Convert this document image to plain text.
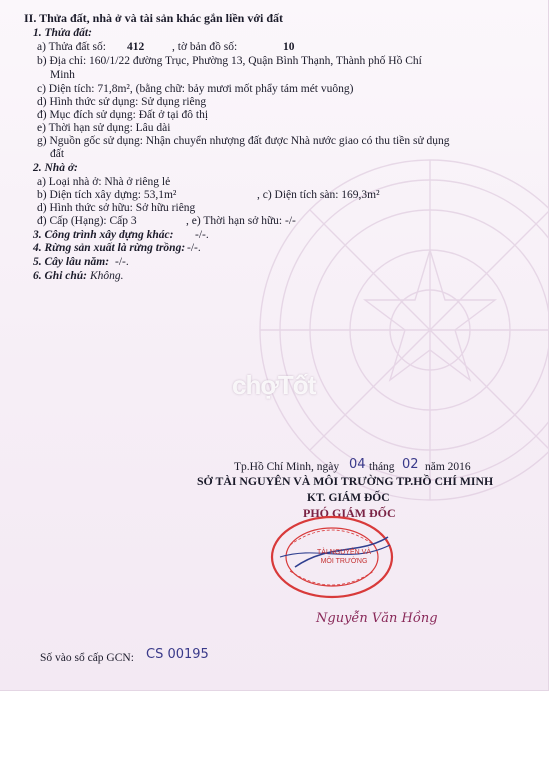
chợTốt
II. Thửa đất, nhà ở và tài sản khác gắn liền với đất
1. Thửa đất:
a) Thửa đất số: 412 , tờ bản đồ số:	10
b) Địa chỉ: 160/1/22 đường Trục, Phường 13, Quận Bình Thạnh, Thành phố Hồ Chí
Minh
c) Diện tích: 71,8m², (bằng chữ: bảy mươi mốt phẩy tám mét vuông)
d) Hình thức sử dụng: Sử dụng riêng
đ) Mục đích sử dụng: Đất ở tại đô thị
e) Thời hạn sử dụng: Lâu dài
g) Nguồn gốc sử dụng: Nhận chuyển nhượng đất được Nhà nước giao có thu tiền sử dụng
đất
2. Nhà ở:
a) Loại nhà ở: Nhà ở riêng lẻ
b) Diện tích xây dựng: 53,1m²	, c) Diện tích sàn: 169,3m²
d) Hình thức sở hữu: Sở hữu riêng
đ) Cấp (Hạng): Cấp 3	, e) Thời hạn sở hữu: -/-
3. Công trình xây dựng khác: -/-.
4. Rừng sản xuất là rừng trồng: -/-.
5. Cây lâu năm: -/-.
6. Ghi chú: Không.
Tp.Hồ Chí Minh, ngày 04 tháng 02 năm 2016
SỞ TÀI NGUYÊN VÀ MÔI TRƯỜNG TP.HỒ CHÍ MINH
KT. GIÁM ĐỐC
PHÓ GIÁM ĐỐC
TÀI NGUYÊN VÀ MÔI TRƯỜNG
Nguyễn Văn Hồng
Số vào sổ cấp GCN: CS 00195
